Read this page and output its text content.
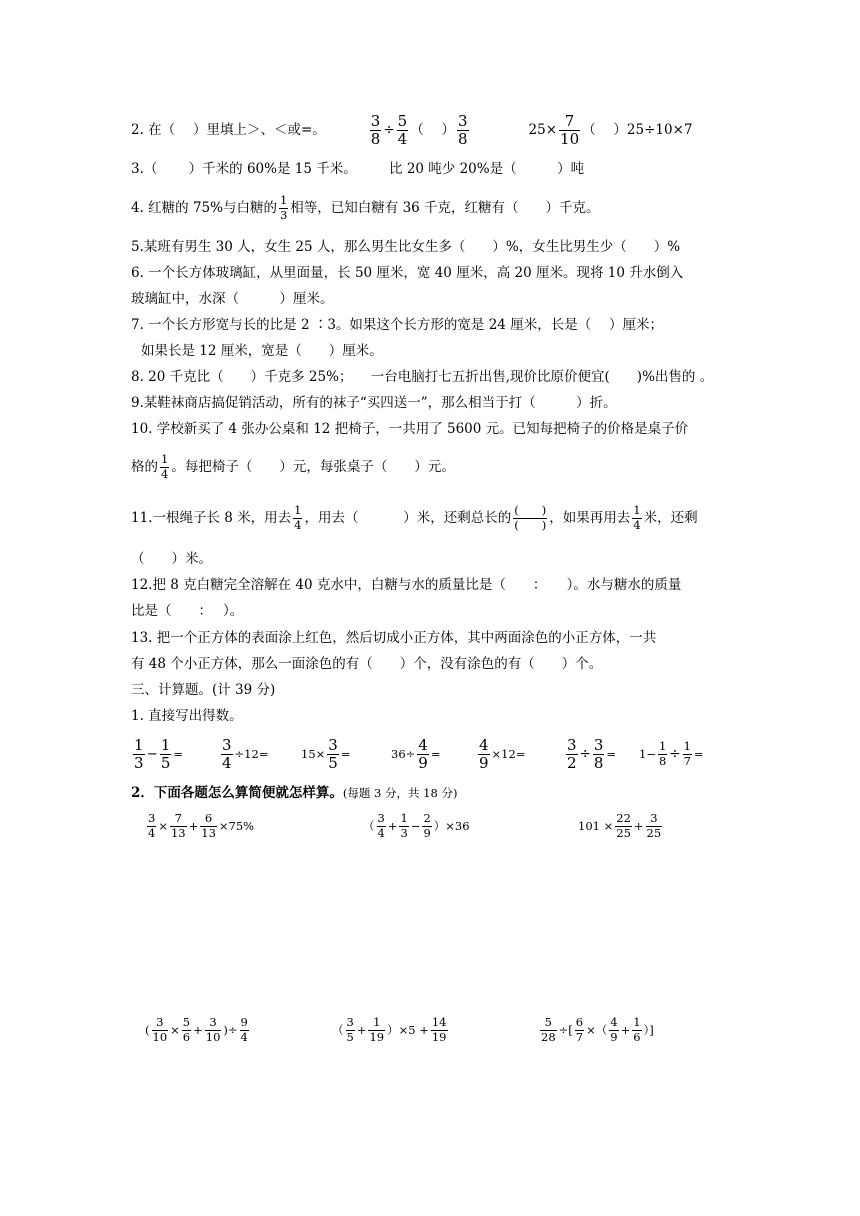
2. 在（　 ）里填上＞、＜或=。	$\frac{3}{8} \div \frac{5}{4}$ （　 ） $\frac{3}{8}$	$25\times \frac{7}{10}$ （　 ） 25÷10×7
3.（　　 ）千米的 60%是 15 千米。 比 20 吨少 20%是（　　　）吨
4. 红糖的 75%与白糖的 $\frac{1}{3}$ 相等，已知白糖有 36 千克，红糖有（　　）千克。
5.某班有男生 30 人，女生 25 人，那么男生比女生多（　　）%，女生比男生少（　　）%
6. 一个长方体玻璃缸，从里面量，长 50 厘米，宽 40 厘米，高 20 厘米。现将 10 升水倒入
玻璃缸中，水深（　　　）厘米。
7. 一个长方形宽与长的比是 2 ∶3。如果这个长方形的宽是 24 厘米，长是（　 ）厘米；
如果长是 12 厘米，宽是（　　）厘米。
8. 20 千克比（　　）千克多 25%； 一台电脑打七五折出售,现价比原价便宜(　　)%出售的 。
9.某鞋袜商店搞促销活动，所有的袜子“买四送一”，那么相当于打（　　　）折。
10. 学校新买了 4 张办公桌和 12 把椅子，一共用了 5600 元。已知每把椅子的价格是桌子价
格的 $\frac{1}{4}$ 。每把椅子（　　）元，每张桌子（　　）元。
11.一根绳子长 8 米，用去 $\frac{1}{4}$ ，用去（　　　 ）米，还剩总长的 $\frac{( )}{( )}$ ，如果再用去 $\frac{1}{4}$ 米，还剩
（　　）米。
12.把 8 克白糖完全溶解在 40 克水中，白糖与水的质量比是（　　：　　）。水与糖水的质量
比是（　　：　 ）。
13. 把一个正方体的表面涂上红色，然后切成小正方体，其中两面涂色的小正方体，一共
有 48 个小正方体，那么一面涂色的有（　　）个，没有涂色的有（　　）个。
三、计算题。(计 39 分)
1. 直接写出得数。
$\frac{1}{3} - \frac{1}{5}$ =	$\frac{3}{4} \div 12=$	$15\times \frac{3}{5}$ =	$36\div \frac{4}{9}$ =	$\frac{4}{9} \times 12=$	$\frac{3}{2} \div \frac{3}{8} = 1- \frac{1}{8} \div \frac{1}{7}$ =
2．下面各题怎么算简便就怎样算。(每题 3 分，共 18 分)
$\frac{3}{4} \times \frac{7}{13} + \frac{6}{13} \times 75\%$	（ $\frac{3}{4} + \frac{1}{3} - \frac{2}{9} )\times 36$	$101 \times \frac{22}{25} + \frac{3}{25}$
( $\frac{3}{10} \times \frac{5}{6} + \frac{3}{10}$ )÷ $\frac{9}{4}$	（ $\frac{3}{5} + \frac{1}{19} )\times 5 + \frac{14}{19}$	$\frac{5}{28}$ ÷[ $\frac{6}{7}$ ×（ $\frac{4}{9} + \frac{1}{6}$ ）]
